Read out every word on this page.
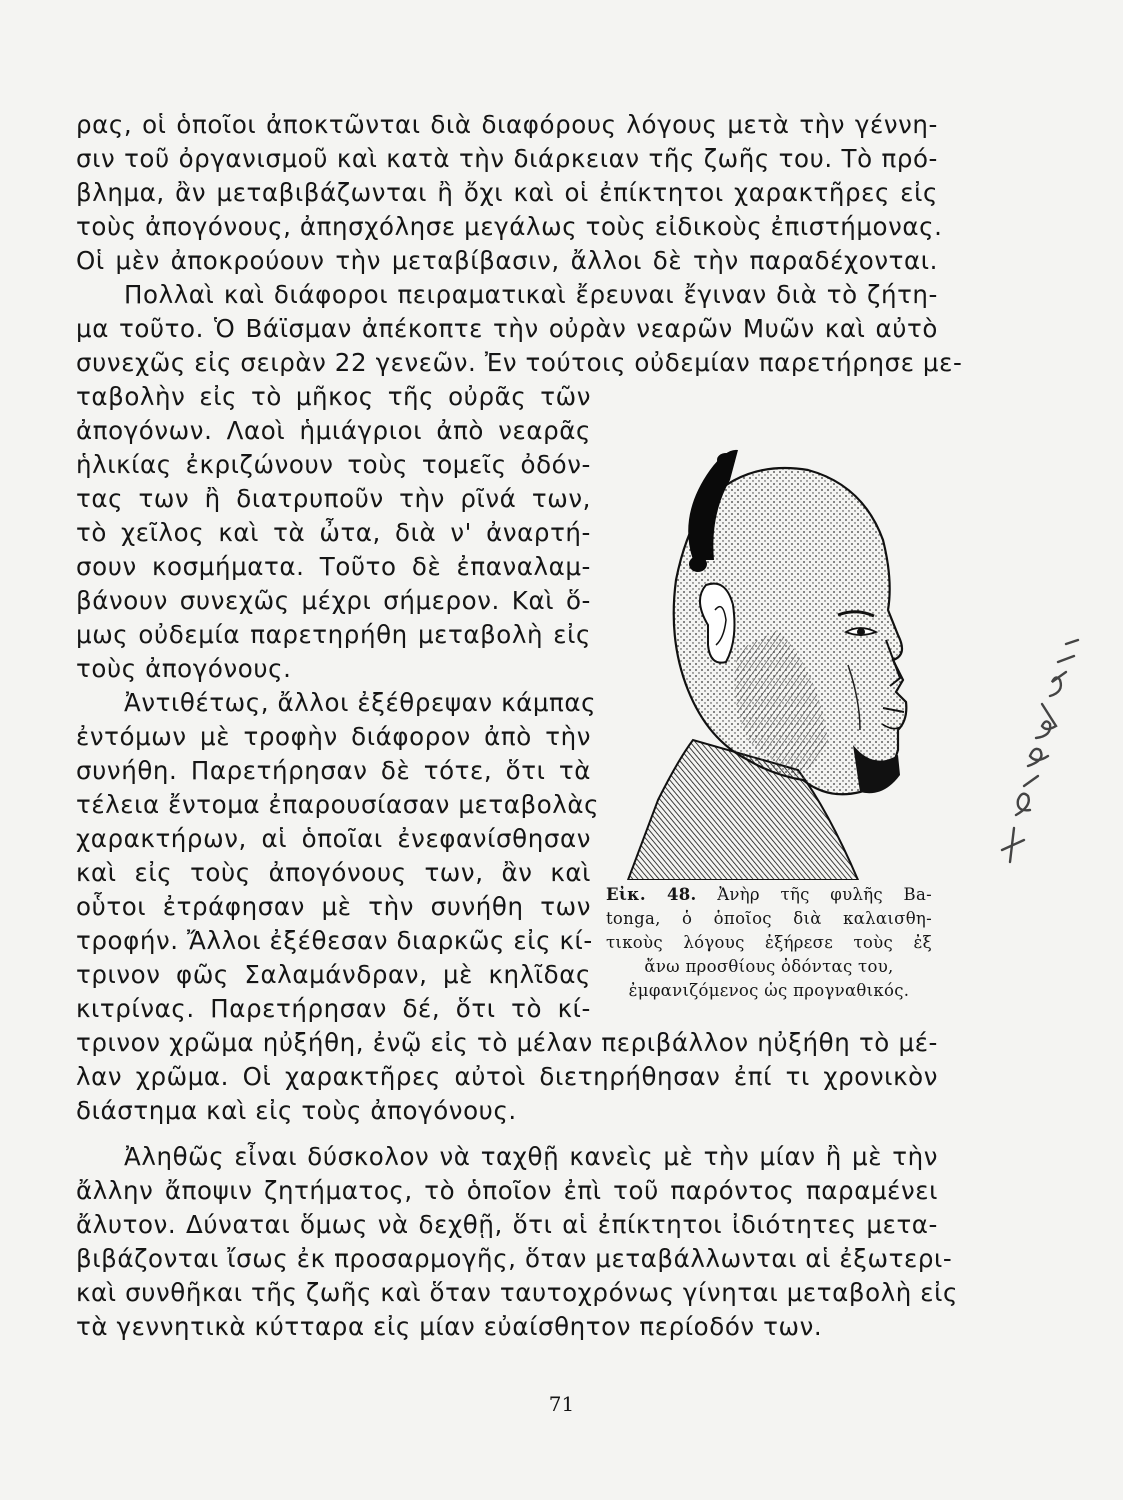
ρας, οἱ ὁποῖοι ἀποκτῶνται διὰ διαφόρους λόγους μετὰ τὴν γέννη-
σιν τοῦ ὀργανισμοῦ καὶ κατὰ τὴν διάρκειαν τῆς ζωῆς του. Τὸ πρό-
βλημα, ἂν μεταβιβάζωνται ἢ ὄχι καὶ οἱ ἐπίκτητοι χαρακτῆρες εἰς
τοὺς ἀπογόνους, ἀπησχόλησε μεγάλως τοὺς εἰδικοὺς ἐπιστήμονας.
Οἱ μὲν ἀποκρούουν τὴν μεταβίβασιν, ἄλλοι δὲ τὴν παραδέχονται.
Πολλαὶ καὶ διάφοροι πειραματικαὶ ἔρευναι ἔγιναν διὰ τὸ ζήτη-
μα τοῦτο. Ὁ Βάϊσμαν ἀπέκοπτε τὴν οὐρὰν νεαρῶν Μυῶν καὶ αὐτὸ
συνεχῶς εἰς σειρὰν 22 γενεῶν. Ἐν τούτοις οὐδεμίαν παρετήρησε με-
ταβολὴν εἰς τὸ μῆκος τῆς οὐρᾶς τῶν
ἀπογόνων. Λαοὶ ἡμιάγριοι ἀπὸ νεαρᾶς
ἡλικίας ἐκριζώνουν τοὺς τομεῖς ὀδόν-
τας των ἢ διατρυποῦν τὴν ρῖνά των,
τὸ χεῖλος καὶ τὰ ὦτα, διὰ ν' ἀναρτή-
σουν κοσμήματα. Τοῦτο δὲ ἐπαναλαμ-
βάνουν συνεχῶς μέχρι σήμερον. Καὶ ὅ-
μως οὐδεμία παρετηρήθη μεταβολὴ εἰς
τοὺς ἀπογόνους.
Ἀντιθέτως, ἄλλοι ἐξέθρεψαν κάμπας
ἐντόμων μὲ τροφὴν διάφορον ἀπὸ τὴν
συνήθη. Παρετήρησαν δὲ τότε, ὅτι τὰ
τέλεια ἔντομα ἐπαρουσίασαν μεταβολὰς
χαρακτήρων, αἱ ὁποῖαι ἐνεφανίσθησαν
καὶ εἰς τοὺς ἀπογόνους των, ἂν καὶ
οὗτοι ἐτράφησαν μὲ τὴν συνήθη των
τροφήν. Ἄλλοι ἐξέθεσαν διαρκῶς εἰς κί-
τρινον φῶς Σαλαμάνδραν, μὲ κηλῖδας
κιτρίνας. Παρετήρησαν δέ, ὅτι τὸ κί-
τρινον χρῶμα ηὐξήθη, ἐνῷ εἰς τὸ μέλαν περιβάλλον ηὐξήθη τὸ μέ-
λαν χρῶμα. Οἱ χαρακτῆρες αὐτοὶ διετηρήθησαν ἐπί τι χρονικὸν
διάστημα καὶ εἰς τοὺς ἀπογόνους.
Ἀληθῶς εἶναι δύσκολον νὰ ταχθῇ κανεὶς μὲ τὴν μίαν ἢ μὲ τὴν
ἄλλην ἄποψιν ζητήματος, τὸ ὁποῖον ἐπὶ τοῦ παρόντος παραμένει
ἄλυτον. Δύναται ὅμως νὰ δεχθῇ, ὅτι αἱ ἐπίκτητοι ἰδιότητες μετα-
βιβάζονται ἴσως ἐκ προσαρμογῆς, ὅταν μεταβάλλωνται αἱ ἐξωτερι-
καὶ συνθῆκαι τῆς ζωῆς καὶ ὅταν ταυτοχρόνως γίνηται μεταβολὴ εἰς
τὰ γεννητικὰ κύτταρα εἰς μίαν εὐαίσθητον περίοδόν των.
Εἰκ. 48. Ἀνὴρ τῆς φυλῆς Ba-
tonga, ὁ ὁποῖος διὰ καλαισθη-
τικοὺς λόγους ἐξήρεσε τοὺς ἐξ
ἄνω προσθίους ὀδόντας του,
ἐμφανιζόμενος ὡς προγναθικός.
71
